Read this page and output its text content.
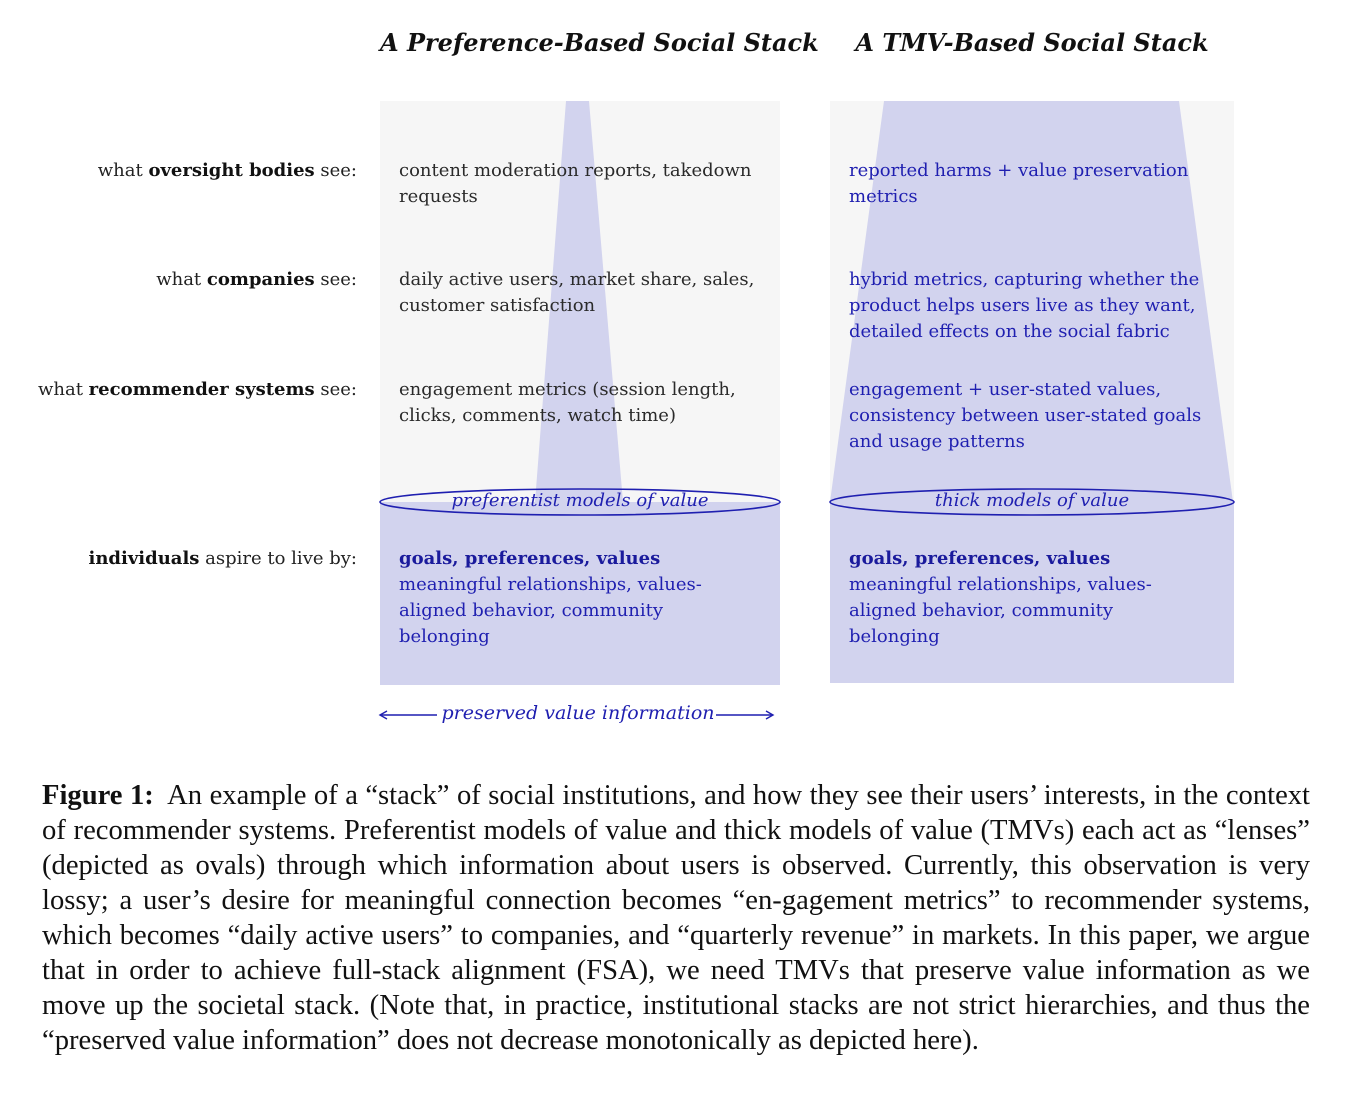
A Preference-Based Social Stack	A TMV-Based Social Stack
what oversight bodies see:
what companies see:
what recommender systems see:
individuals aspire to live by:
content moderation reports, takedown requests
daily active users, market share, sales, customer satisfaction
engagement metrics (session length, clicks, comments, watch time)
reported harms + value preservation metrics
hybrid metrics, capturing whether the product helps users live as they want, detailed effects on the social fabric
engagement + user-stated values, consistency between user-stated goals and usage patterns
preferentist models of value	thick models of value
goals, preferences, values
meaningful relationships, values-aligned behavior, community belonging
goals, preferences, values
meaningful relationships, values-aligned behavior, community belonging
preserved value information
Figure 1: An example of a “stack” of social institutions, and how they see their users’ interests, in the context of recommender systems. Preferentist models of value and thick models of value (TMVs) each act as “lenses” (depicted as ovals) through which information about users is observed. Currently, this observation is very lossy; a user’s desire for meaningful connection becomes “en-gagement metrics” to recommender systems, which becomes “daily active users” to companies, and “quarterly revenue” in markets. In this paper, we argue that in order to achieve full-stack alignment (FSA), we need TMVs that preserve value information as we move up the societal stack. (Note that, in practice, institutional stacks are not strict hierarchies, and thus the “preserved value information” does not decrease monotonically as depicted here).
